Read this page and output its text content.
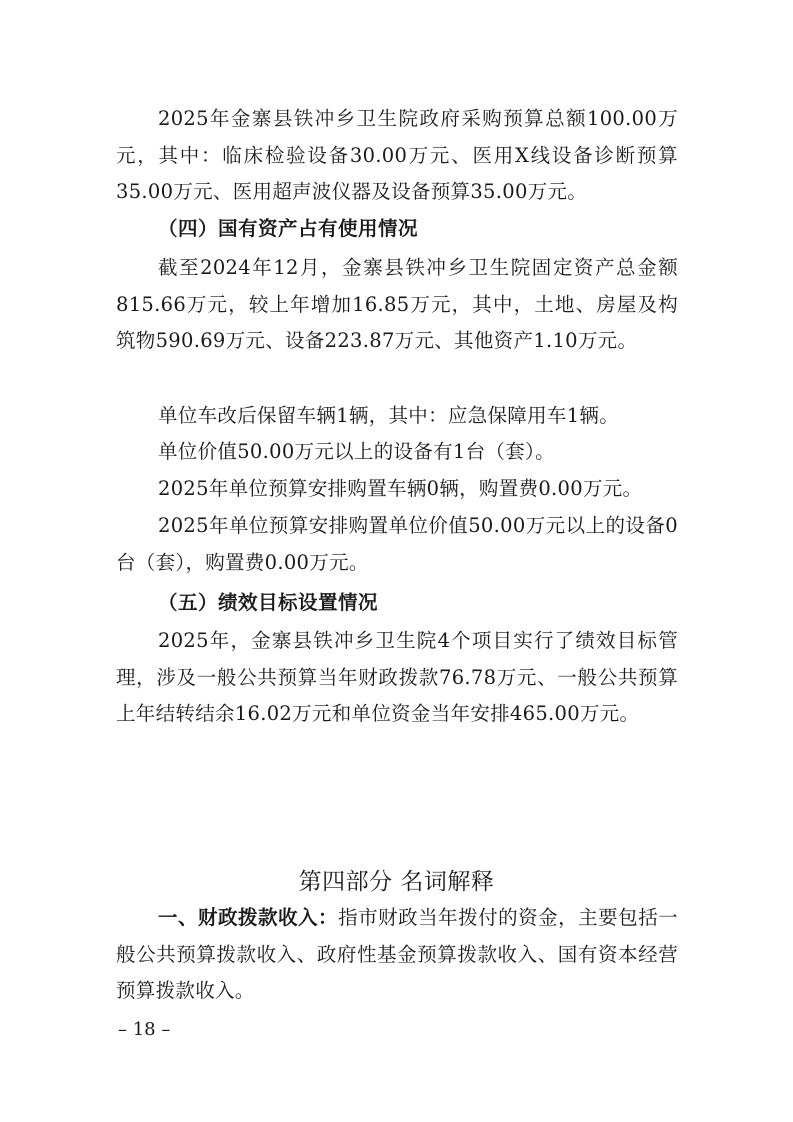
2025年金寨县铁冲乡卫生院政府采购预算总额100.00万元，其中：临床检验设备30.00万元、医用X线设备诊断预算35.00万元、医用超声波仪器及设备预算35.00万元。

（四）国有资产占有使用情况

截至2024年12月，金寨县铁冲乡卫生院固定资产总金额815.66万元，较上年增加16.85万元，其中，土地、房屋及构筑物590.69万元、设备223.87万元、其他资产1.10万元。

单位车改后保留车辆1辆，其中：应急保障用车1辆。

单位价值50.00万元以上的设备有1台（套）。

2025年单位预算安排购置车辆0辆，购置费0.00万元。

2025年单位预算安排购置单位价值50.00万元以上的设备0台（套），购置费0.00万元。

（五）绩效目标设置情况

2025年，金寨县铁冲乡卫生院4个项目实行了绩效目标管理，涉及一般公共预算当年财政拨款76.78万元、一般公共预算上年结转结余16.02万元和单位资金当年安排465.00万元。

第四部分 名词解释

一、财政拨款收入：指市财政当年拨付的资金，主要包括一般公共预算拨款收入、政府性基金预算拨款收入、国有资本经营预算拨款收入。

– 18 –
